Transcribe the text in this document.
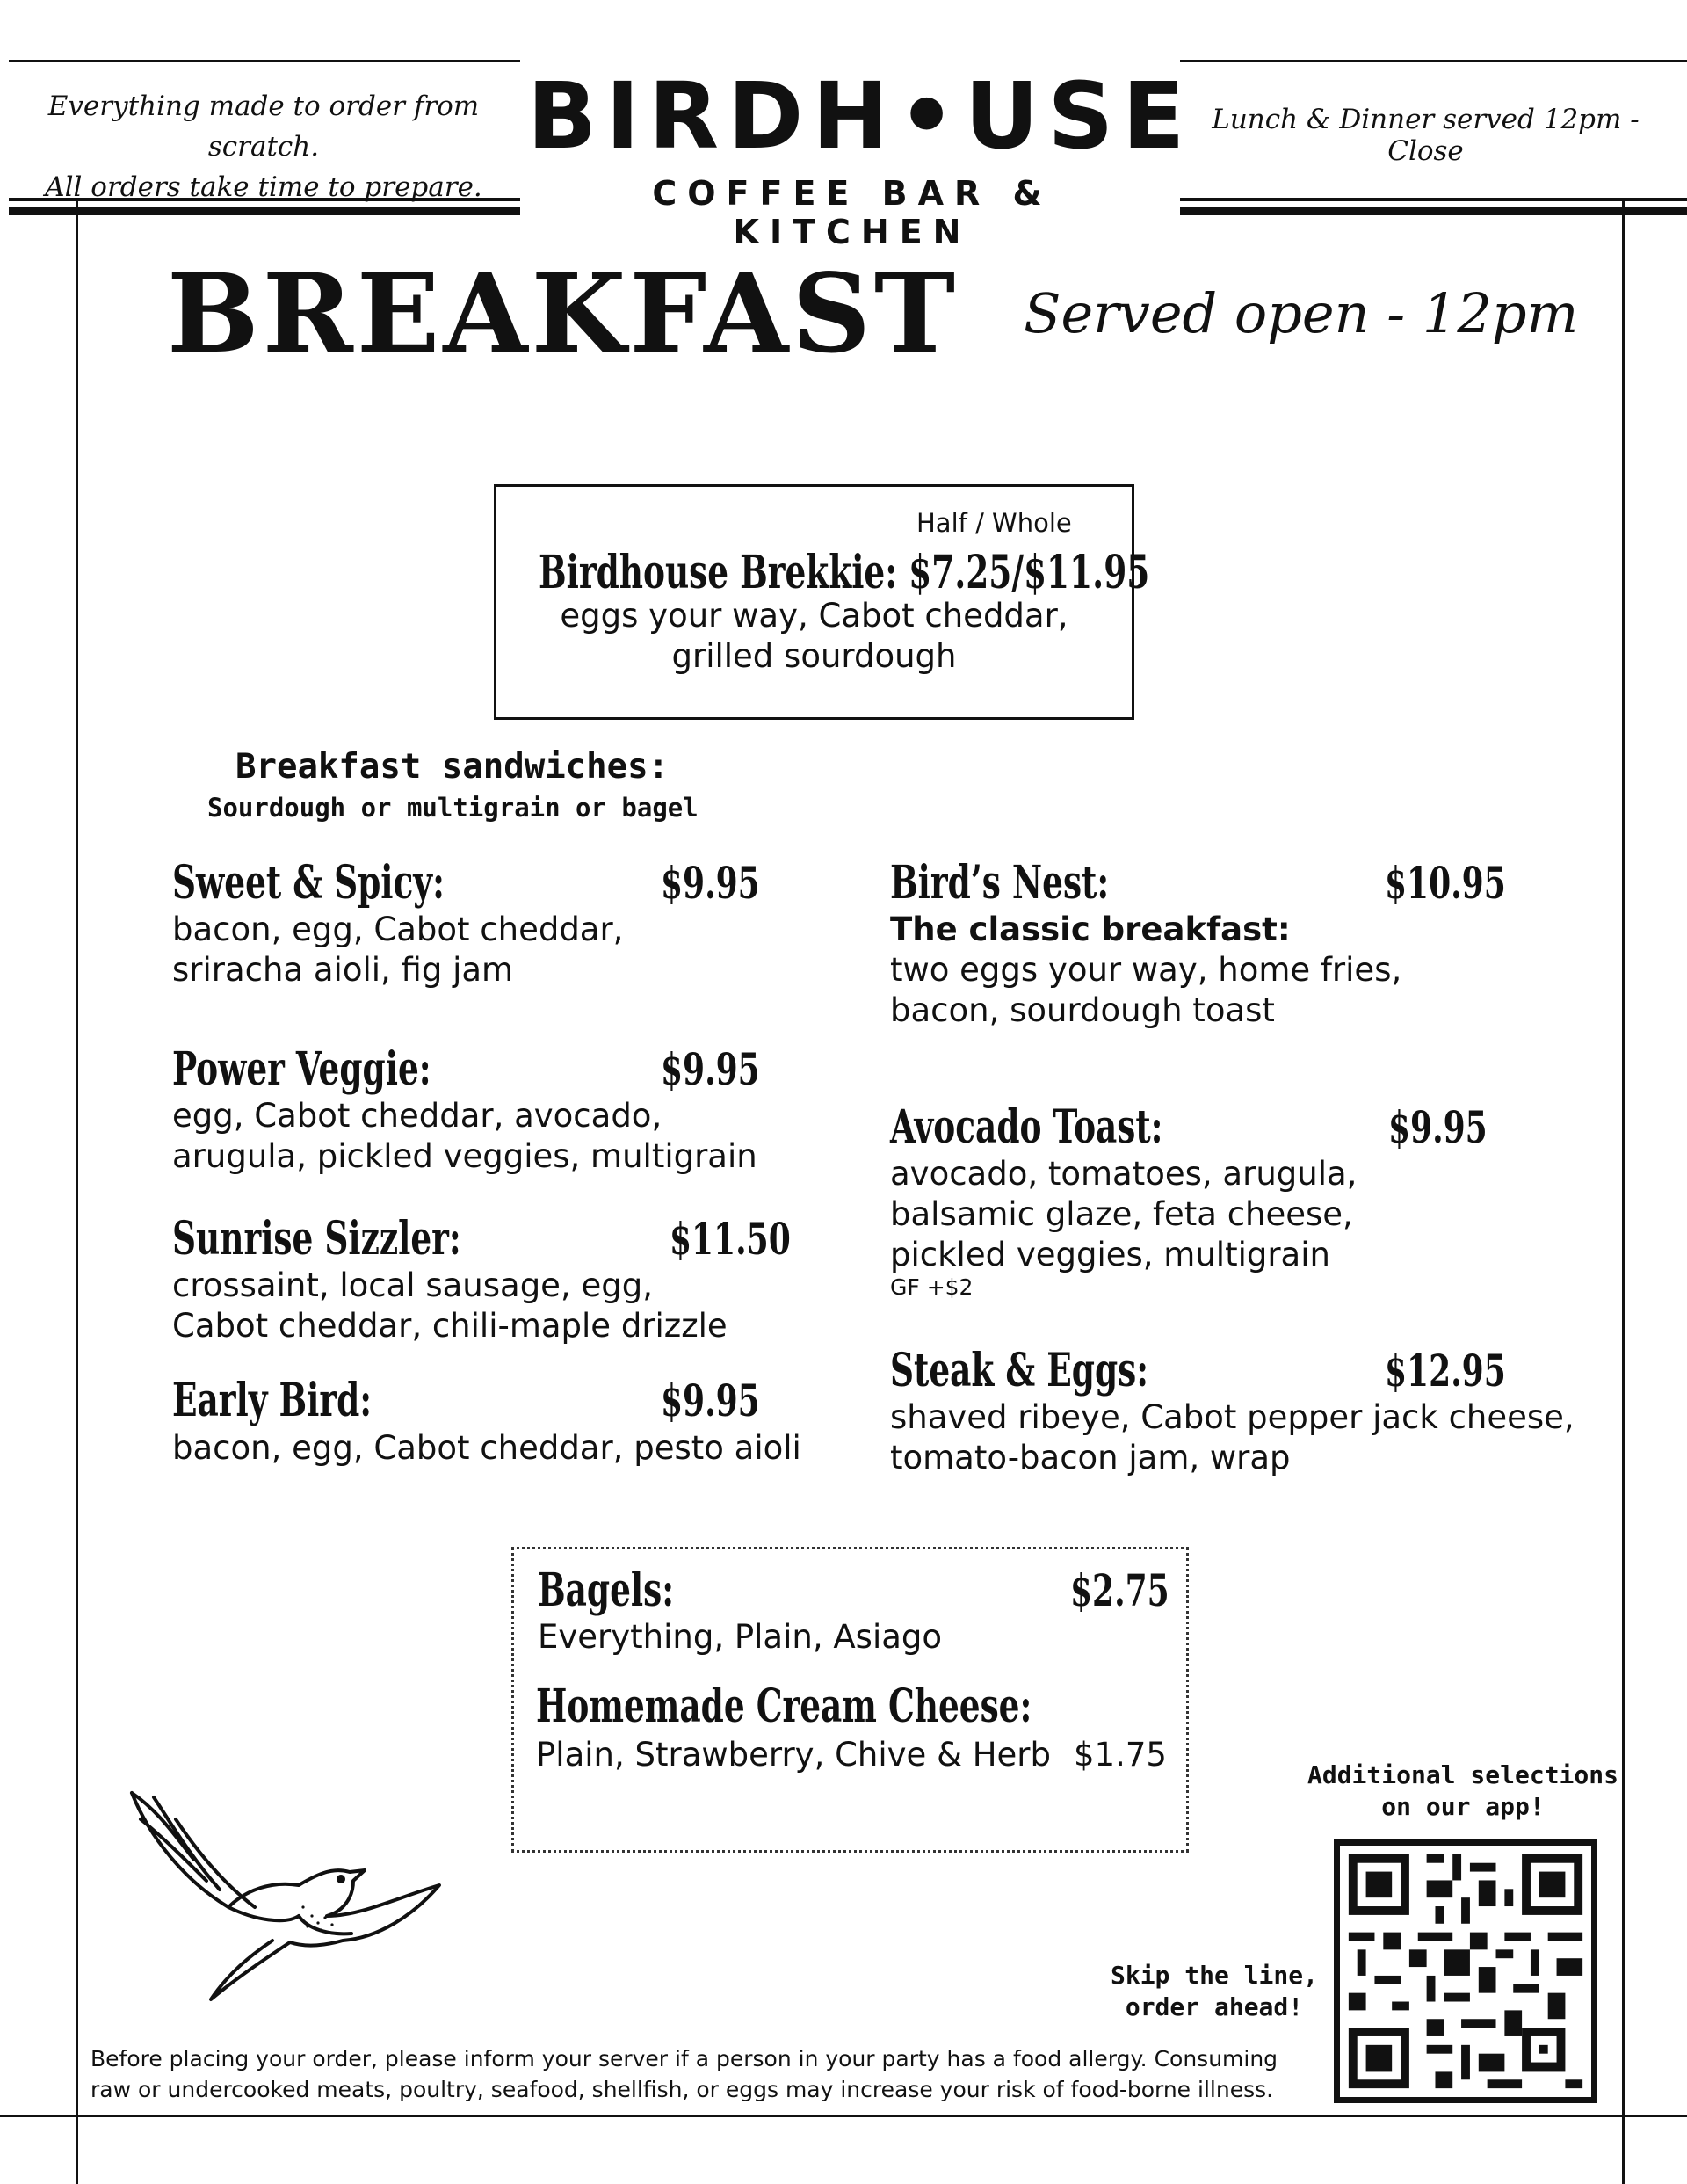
Everything made to order from scratch.
All orders take time to prepare.
BIRDH•USE
COFFEE BAR & KITCHEN
Lunch & Dinner served 12pm - Close
BREAKFAST Served open - 12pm
Half / Whole
Birdhouse Brekkie: $7.25/$11.95
eggs your way, Cabot cheddar,
grilled sourdough
Breakfast sandwiches:
Sourdough or multigrain or bagel
Sweet & Spicy:	$9.95
bacon, egg, Cabot cheddar,
sriracha aioli, fig jam
Power Veggie:	$9.95
egg, Cabot cheddar, avocado,
arugula, pickled veggies, multigrain
Sunrise Sizzler:	$11.50
crossaint, local sausage, egg,
Cabot cheddar, chili-maple drizzle
Early Bird:	$9.95
bacon, egg, Cabot cheddar, pesto aioli
Bird’s Nest:	$10.95
The classic breakfast:
two eggs your way, home fries,
bacon, sourdough toast
Avocado Toast:	$9.95
avocado, tomatoes, arugula,
balsamic glaze, feta cheese,
pickled veggies, multigrain
GF +$2
Steak & Eggs:	$12.95
shaved ribeye, Cabot pepper jack cheese,
tomato-bacon jam, wrap
Bagels:	$2.75
Everything, Plain, Asiago
Homemade Cream Cheese:
Plain, Strawberry, Chive & Herb $1.75
Additional selections
on our app!
Skip the line,
order ahead!
Before placing your order, please inform your server if a person in your party has a food allergy. Consuming
raw or undercooked meats, poultry, seafood, shellfish, or eggs may increase your risk of food-borne illness.
